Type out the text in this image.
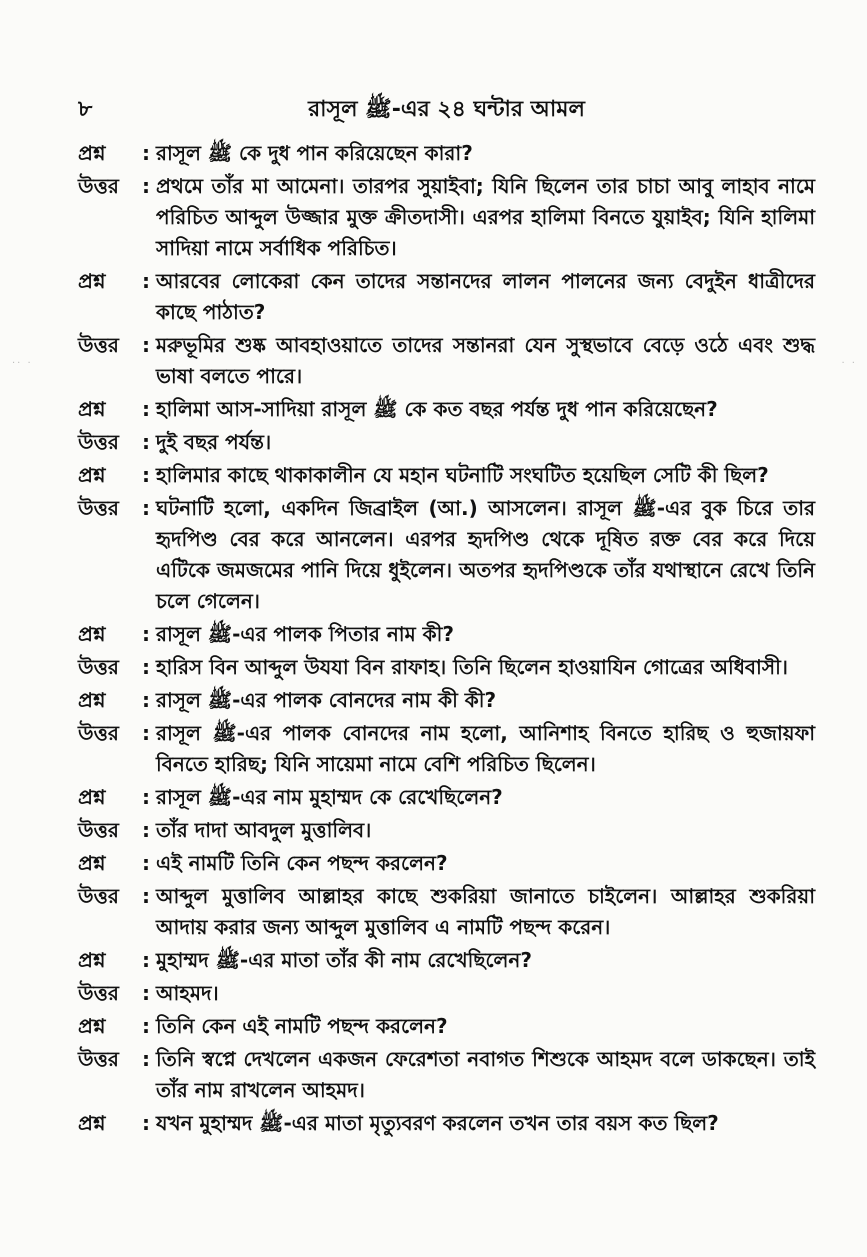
·· ·	· ·
৮	রাসূল ﷺ-এর ২৪ ঘন্টার আমল
প্রশ্ন	: রাসূল ﷺ কে দুধ পান করিয়েছেন কারা?
উত্তর	: প্রথমে তাঁর মা আমেনা। তারপর সুয়াইবা; যিনি ছিলেন তার চাচা আবু লাহাব নামে পরিচিত আব্দুল উজ্জার মুক্ত ক্রীতদাসী। এরপর হালিমা বিনতে যুয়াইব; যিনি হালিমা সাদিয়া নামে সর্বাধিক পরিচিত।
প্রশ্ন	: আরবের লোকেরা কেন তাদের সন্তানদের লালন পালনের জন্য বেদুইন ধাত্রীদের কাছে পাঠাত?
উত্তর	: মরুভূমির শুষ্ক আবহাওয়াতে তাদের সন্তানরা যেন সুস্থভাবে বেড়ে ওঠে এবং শুদ্ধ ভাষা বলতে পারে।
প্রশ্ন	: হালিমা আস-সাদিয়া রাসূল ﷺ কে কত বছর পর্যন্ত দুধ পান করিয়েছেন?
উত্তর	: দুই বছর পর্যন্ত।
প্রশ্ন	: হালিমার কাছে থাকাকালীন যে মহান ঘটনাটি সংঘটিত হয়েছিল সেটি কী ছিল?
উত্তর	: ঘটনাটি হলো, একদিন জিব্রাইল (আ.) আসলেন। রাসূল ﷺ-এর বুক চিরে তার হৃদপিণ্ড বের করে আনলেন। এরপর হৃদপিণ্ড থেকে দূষিত রক্ত বের করে দিয়ে এটিকে জমজমের পানি দিয়ে ধুইলেন। অতপর হৃদপিণ্ডকে তাঁর যথাস্থানে রেখে তিনি চলে গেলেন।
প্রশ্ন	: রাসূল ﷺ-এর পালক পিতার নাম কী?
উত্তর	: হারিস বিন আব্দুল উযযা বিন রাফাহ। তিনি ছিলেন হাওয়াযিন গোত্রের অধিবাসী।
প্রশ্ন	: রাসূল ﷺ-এর পালক বোনদের নাম কী কী?
উত্তর	: রাসূল ﷺ-এর পালক বোনদের নাম হলো, আনিশাহ বিনতে হারিছ ও হুজায়ফা বিনতে হারিছ; যিনি সায়েমা নামে বেশি পরিচিত ছিলেন।
প্রশ্ন	: রাসূল ﷺ-এর নাম মুহাম্মদ কে রেখেছিলেন?
উত্তর	: তাঁর দাদা আবদুল মুত্তালিব।
প্রশ্ন	: এই নামটি তিনি কেন পছন্দ করলেন?
উত্তর	: আব্দুল মুত্তালিব আল্লাহর কাছে শুকরিয়া জানাতে চাইলেন। আল্লাহর শুকরিয়া আদায় করার জন্য আব্দুল মুত্তালিব এ নামটি পছন্দ করেন।
প্রশ্ন	: মুহাম্মদ ﷺ-এর মাতা তাঁর কী নাম রেখেছিলেন?
উত্তর	: আহমদ।
প্রশ্ন	: তিনি কেন এই নামটি পছন্দ করলেন?
উত্তর	: তিনি স্বপ্নে দেখলেন একজন ফেরেশতা নবাগত শিশুকে আহমদ বলে ডাকছেন। তাই তাঁর নাম রাখলেন আহমদ।
প্রশ্ন	: যখন মুহাম্মদ ﷺ-এর মাতা মৃত্যুবরণ করলেন তখন তার বয়স কত ছিল?
